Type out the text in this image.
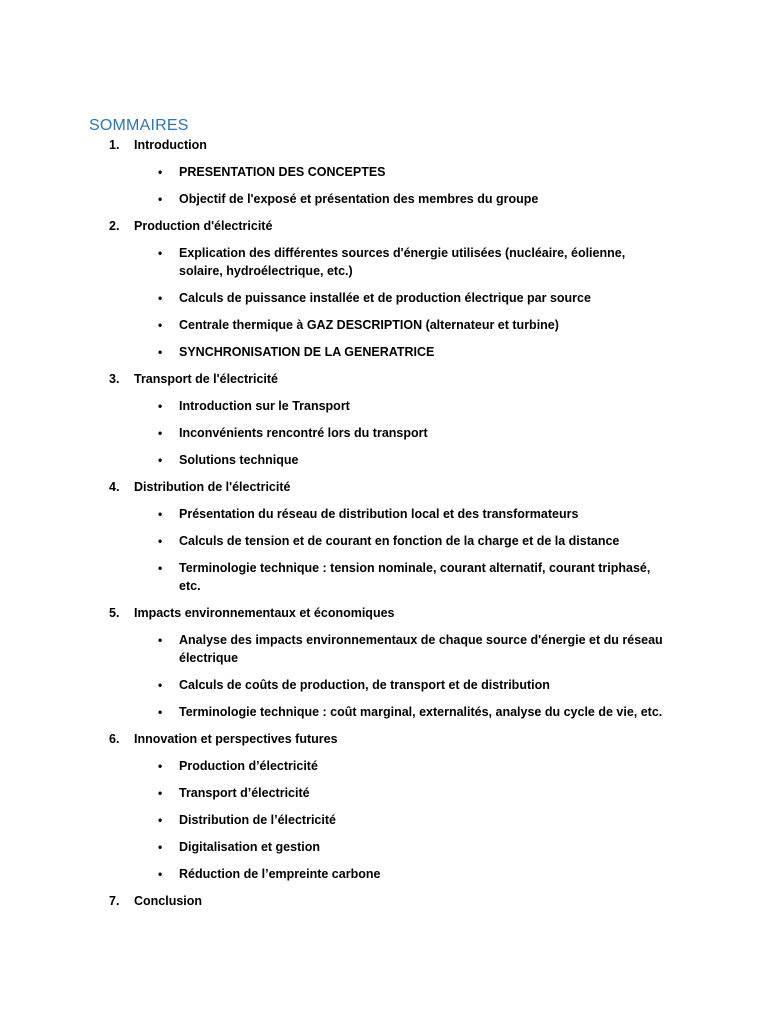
SOMMAIRES
1. Introduction
• PRESENTATION DES CONCEPTES
• Objectif de l'exposé et présentation des membres du groupe
2. Production d'électricité
• Explication des différentes sources d'énergie utilisées (nucléaire, éolienne, solaire, hydroélectrique, etc.)
• Calculs de puissance installée et de production électrique par source
• Centrale thermique à GAZ DESCRIPTION (alternateur et turbine)
• SYNCHRONISATION DE LA GENERATRICE
3. Transport de l'électricité
• Introduction sur le Transport
• Inconvénients rencontré lors du transport
• Solutions technique
4. Distribution de l'électricité
• Présentation du réseau de distribution local et des transformateurs
• Calculs de tension et de courant en fonction de la charge et de la distance
• Terminologie technique : tension nominale, courant alternatif, courant triphasé, etc.
5. Impacts environnementaux et économiques
• Analyse des impacts environnementaux de chaque source d'énergie et du réseau électrique
• Calculs de coûts de production, de transport et de distribution
• Terminologie technique : coût marginal, externalités, analyse du cycle de vie, etc.
6. Innovation et perspectives futures
• Production d’électricité
• Transport d’électricité
• Distribution de l’électricité
• Digitalisation et gestion
• Réduction de l’empreinte carbone
7. Conclusion
